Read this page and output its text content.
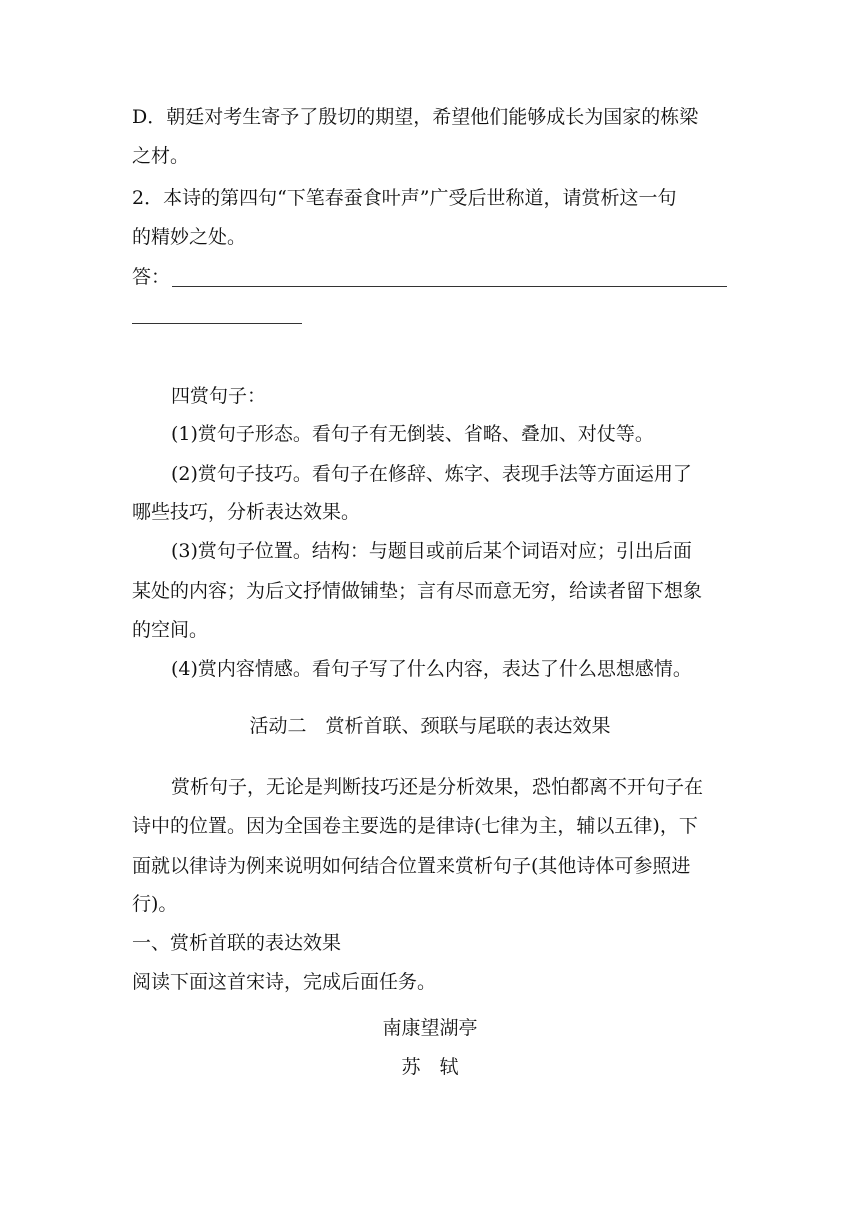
D．朝廷对考生寄予了殷切的期望，希望他们能够成长为国家的栋梁
之材。
2．本诗的第四句“下笔春蚕食叶声”广受后世称道，请赏析这一句
的精妙之处。
答：
四赏句子：
(1)赏句子形态。看句子有无倒装、省略、叠加、对仗等。
(2)赏句子技巧。看句子在修辞、炼字、表现手法等方面运用了
哪些技巧，分析表达效果。
(3)赏句子位置。结构：与题目或前后某个词语对应；引出后面
某处的内容；为后文抒情做铺垫；言有尽而意无穷，给读者留下想象
的空间。
(4)赏内容情感。看句子写了什么内容，表达了什么思想感情。
活动二　赏析首联、颈联与尾联的表达效果
赏析句子，无论是判断技巧还是分析效果，恐怕都离不开句子在
诗中的位置。因为全国卷主要选的是律诗(七律为主，辅以五律)，下
面就以律诗为例来说明如何结合位置来赏析句子(其他诗体可参照进
行)。
一、赏析首联的表达效果
阅读下面这首宋诗，完成后面任务。
南康望湖亭
苏　轼
